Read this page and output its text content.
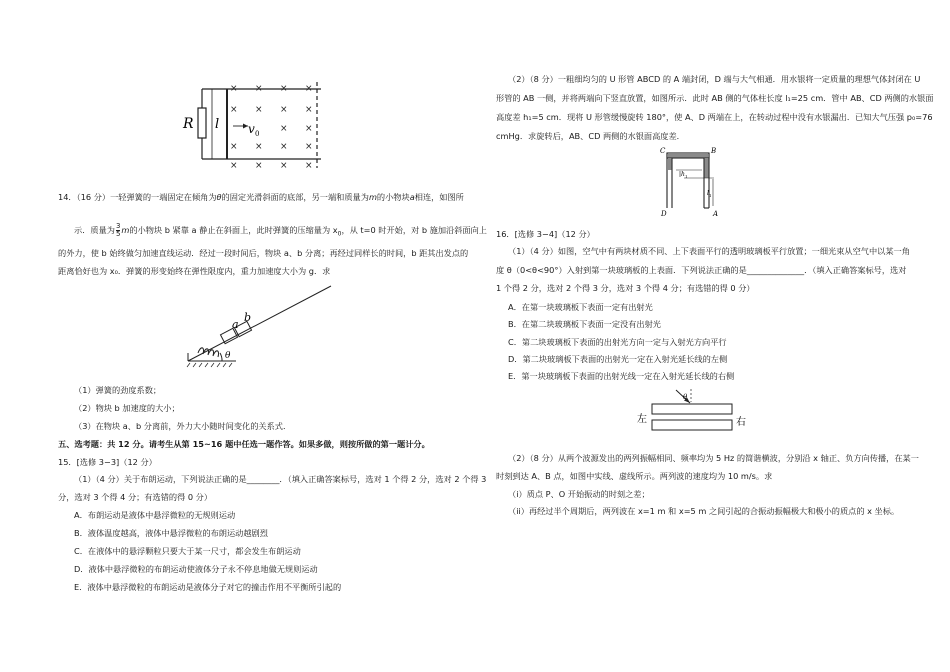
R l v 0
× × × ×
× × × ×
× ×
× × × ×
× × × ×
14．（16 分）一轻弹簧的一端固定在倾角为θ的固定光滑斜面的底部，另一端和质量为m的小物块a相连，如图所
示．质量为 $\frac{3}{5}$ m的小物块 b 紧靠 a 静止在斜面上，此时弹簧的压缩量为 $x_0$，从 t=0 时开始，对 b 施加沿斜面向上
的外力，使 b 始终做匀加速直线运动．经过一段时间后，物块 a、b 分离；再经过同样长的时间，b 距其出发点的
距离恰好也为 x₀．弹簧的形变始终在弹性限度内，重力加速度大小为 g．求
a
b
θ
（1）弹簧的劲度系数；
（2）物块 b 加速度的大小；
（3）在物块 a、b 分离前，外力大小随时间变化的关系式．
五、选考题：共 12 分。请考生从第 15~16 题中任选一题作答。如果多做，则按所做的第一题计分。
15．[选修 3−3]（12 分）
（1）（4 分）关于布朗运动，下列说法正确的是________．（填入正确答案标号，选对 1 个得 2 分，选对 2 个得 3
分，选对 3 个得 4 分；有选错的得 0 分）
A．布朗运动是液体中悬浮微粒的无规则运动
B．液体温度越高，液体中悬浮微粒的布朗运动越剧烈
C．在液体中的悬浮颗粒只要大于某一尺寸，都会发生布朗运动
D．液体中悬浮微粒的布朗运动使液体分子永不停息地做无规则运动
E．液体中悬浮微粒的布朗运动是液体分子对它的撞击作用不平衡所引起的
（2）（8 分）一粗细均匀的 U 形管 ABCD 的 A 端封闭，D 端与大气相通．用水银将一定质量的理想气体封闭在 U
形管的 AB 一侧，并将两端向下竖直放置，如图所示．此时 AB 侧的气体柱长度 l₁=25 cm．管中 AB、CD 两侧的水银面
高度差 h₁=5 cm．现将 U 形管缓慢旋转 180°，使 A、D 两端在上，在转动过程中没有水银漏出．已知大气压强 p₀=76
cmHg．求旋转后，AB、CD 两侧的水银面高度差．
C	B
D	A
h 1
l 1
16．[选修 3−4]（12 分）
（1）（4 分）如图，空气中有两块材质不同、上下表面平行的透明玻璃板平行放置；一细光束从空气中以某一角
度 θ（0<θ<90°）入射到第一块玻璃板的上表面．下列说法正确的是______________．（填入正确答案标号，选对
1 个得 2 分，选对 2 个得 3 分，选对 3 个得 4 分；有选错的得 0 分）
A．在第一块玻璃板下表面一定有出射光
B．在第二块玻璃板下表面一定没有出射光
C．第二块玻璃板下表面的出射光方向一定与入射光方向平行
D．第二块玻璃板下表面的出射光一定在入射光延长线的左侧
E．第一块玻璃板下表面的出射光线一定在入射光延长线的右侧
θ
左	右
（2）（8 分）从两个波源发出的两列振幅相同、频率均为 5 Hz 的简谐横波，分别沿 x 轴正、负方向传播，在某一
时刻到达 A、B 点，如图中实线、虚线所示。两列波的速度均为 10 m/s。求
（i）质点 P、O 开始振动的时刻之差；
（ii）再经过半个周期后，两列波在 x=1 m 和 x=5 m 之间引起的合振动振幅极大和极小的质点的 x 坐标。
